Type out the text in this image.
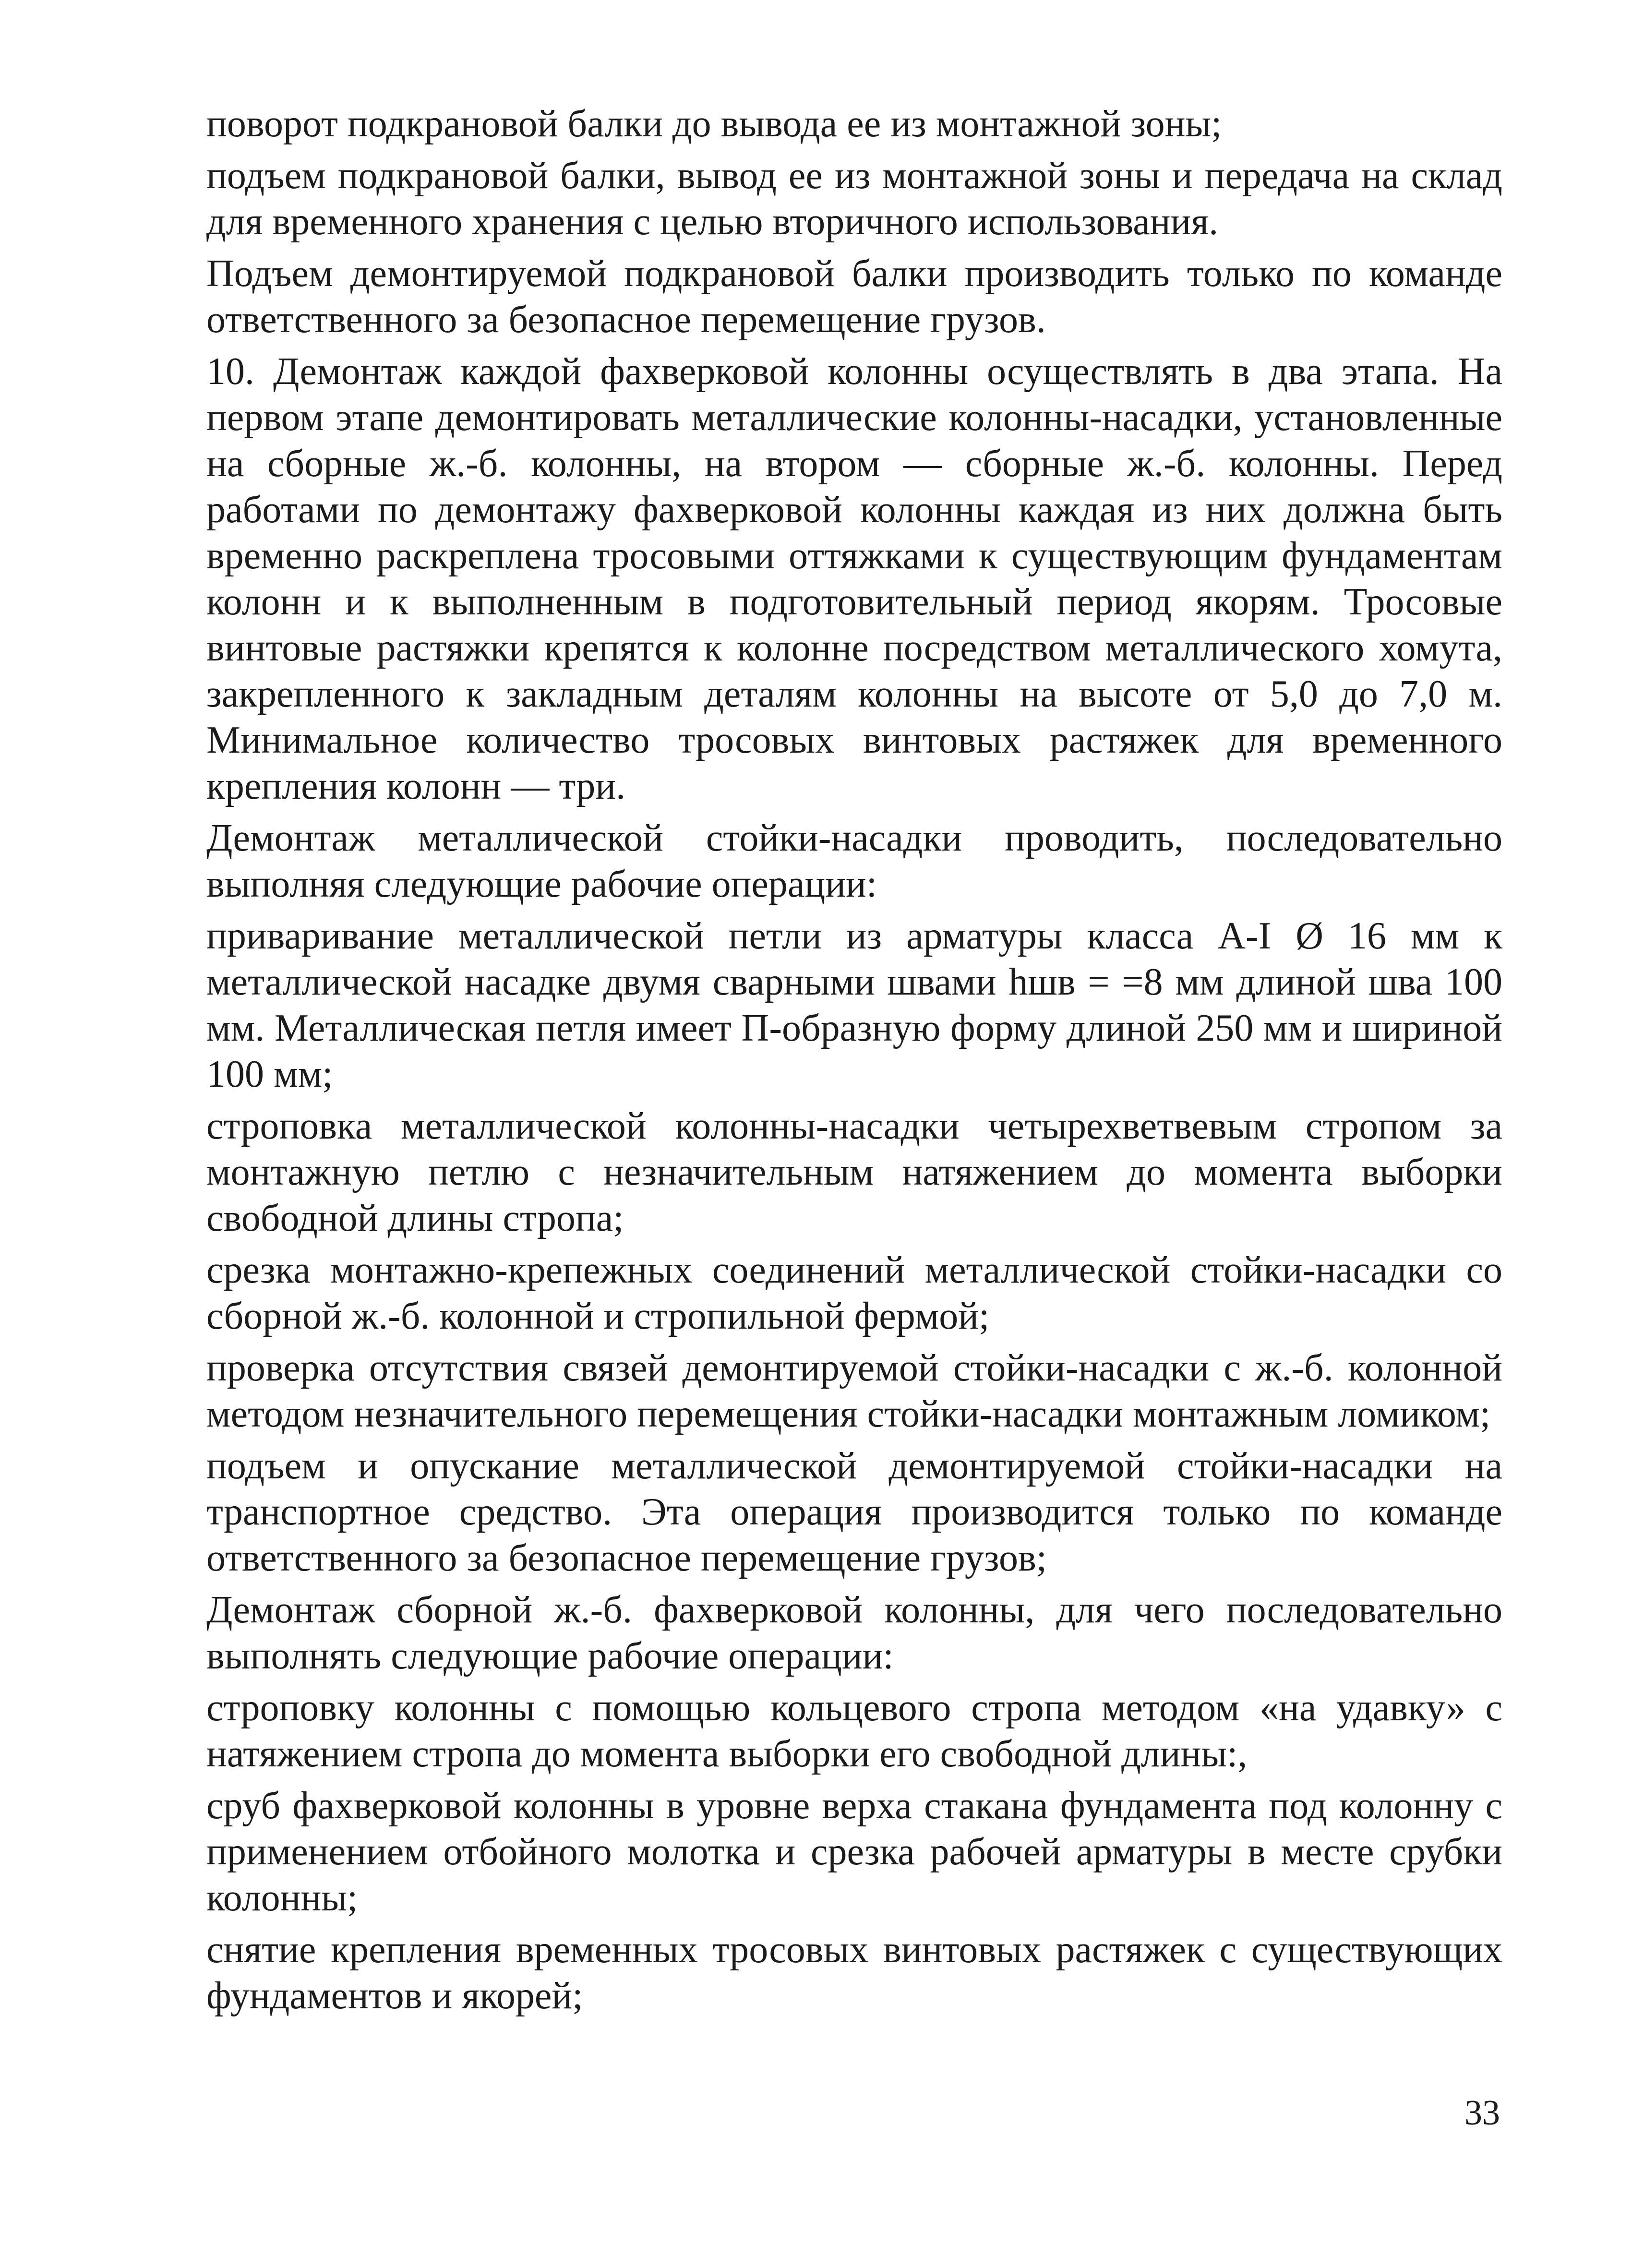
поворот подкрановой балки до вывода ее из монтажной зоны;

подъем подкрановой балки, вывод ее из монтажной зоны и передача на склад для временного хранения с целью вторичного использования.

Подъем демонтируемой подкрановой балки производить только по команде ответственного за безопасное перемещение грузов.

10. Демонтаж каждой фахверковой колонны осуществлять в два этапа. На первом этапе демонтировать металлические колонны-насадки, установленные на сборные ж.-б. колонны, на втором — сборные ж.-б. колонны. Перед работами по демонтажу фахверковой колонны каждая из них должна быть временно раскреплена тросовыми оттяжками к существующим фундаментам колонн и к выполненным в подготовительный период якорям. Тросовые винтовые растяжки крепятся к колонне посредством металлического хомута, закрепленного к закладным деталям колонны на высоте от 5,0 до 7,0 м. Минимальное количество тросовых винтовых растяжек для временного крепления колонн — три.

Демонтаж металлической стойки-насадки проводить, последовательно выполняя следующие рабочие операции:

приваривание металлической петли из арматуры класса А-I Ø 16 мм к металлической насадке двумя сварными швами hшв = =8 мм длиной шва 100 мм. Металлическая петля имеет П-образную форму длиной 250 мм и шириной 100 мм;

строповка металлической колонны-насадки четырехветвевым стропом за монтажную петлю с незначительным натяжением до момента выборки свободной длины стропа;

срезка монтажно-крепежных соединений металлической стойки-насадки со сборной ж.-б. колонной и стропильной фермой;

проверка отсутствия связей демонтируемой стойки-насадки с ж.-б. колонной методом незначительного перемещения стойки-насадки монтажным ломиком;

подъем и опускание металлической демонтируемой стойки-насадки на транспортное средство. Эта операция производится только по команде ответственного за безопасное перемещение грузов;

Демонтаж сборной ж.-б. фахверковой колонны, для чего последовательно выполнять следующие рабочие операции:

строповку колонны с помощью кольцевого стропа методом «на удавку» с натяжением стропа до момента выборки его свободной длины:,

сруб фахверковой колонны в уровне верха стакана фундамента под колонну с применением отбойного молотка и срезка рабочей арматуры в месте срубки колонны;

снятие крепления временных тросовых винтовых растяжек с существующих фундаментов и якорей;

33
